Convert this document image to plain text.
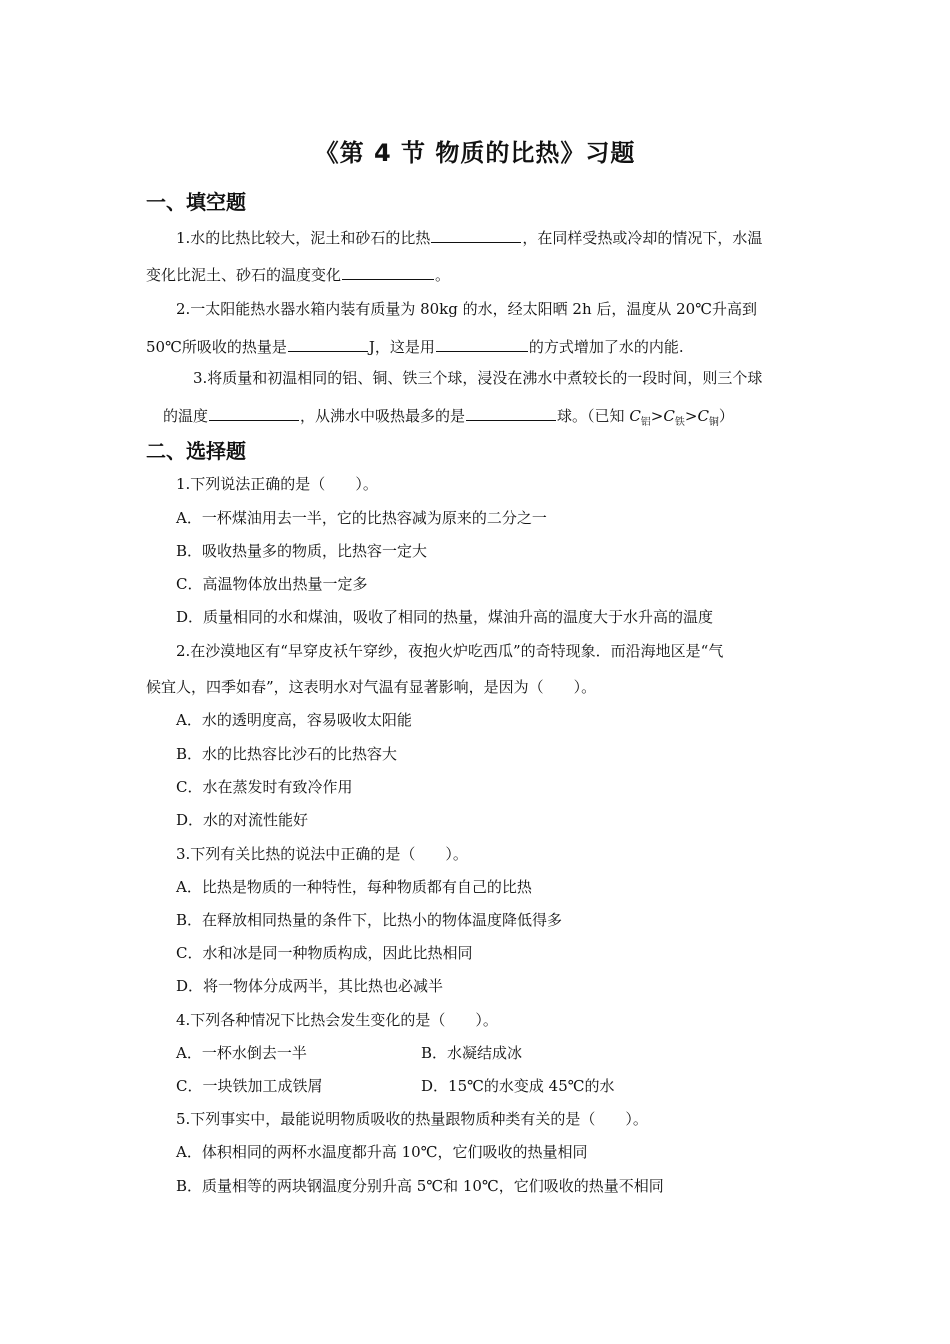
《第 4 节 物质的比热》习题
一、填空题
1.水的比热比较大，泥土和砂石的比热	，在同样受热或冷却的情况下，水温
变化比泥土、砂石的温度变化	。
2.一太阳能热水器水箱内装有质量为 80kg 的水，经太阳晒 2h 后，温度从 20℃升高到
50℃所吸收的热量是	J，这是用	的方式增加了水的内能.
3.将质量和初温相同的铝、铜、铁三个球，浸没在沸水中煮较长的一段时间，则三个球
的温度	，从沸水中吸热最多的是	球。（已知 $C_铝>C_铁>C_铜$）
二、选择题
1.下列说法正确的是（　　）。
A．一杯煤油用去一半，它的比热容减为原来的二分之一
B．吸收热量多的物质，比热容一定大
C．高温物体放出热量一定多
D．质量相同的水和煤油，吸收了相同的热量，煤油升高的温度大于水升高的温度
2.在沙漠地区有“早穿皮袄午穿纱，夜抱火炉吃西瓜”的奇特现象．而沿海地区是“气
候宜人，四季如春”，这表明水对气温有显著影响，是因为（　　）。
A．水的透明度高，容易吸收太阳能
B．水的比热容比沙石的比热容大
C．水在蒸发时有致冷作用
D．水的对流性能好
3.下列有关比热的说法中正确的是（　　）。
A．比热是物质的一种特性，每种物质都有自己的比热
B．在释放相同热量的条件下，比热小的物体温度降低得多
C．水和冰是同一种物质构成，因此比热相同
D．将一物体分成两半，其比热也必减半
4.下列各种情况下比热会发生变化的是（　　）。
A．一杯水倒去一半	B．水凝结成冰
C．一块铁加工成铁屑	D．15℃的水变成 45℃的水
5.下列事实中，最能说明物质吸收的热量跟物质种类有关的是（　　）。
A．体积相同的两杯水温度都升高 10℃，它们吸收的热量相同
B．质量相等的两块钢温度分别升高 5℃和 10℃，它们吸收的热量不相同
